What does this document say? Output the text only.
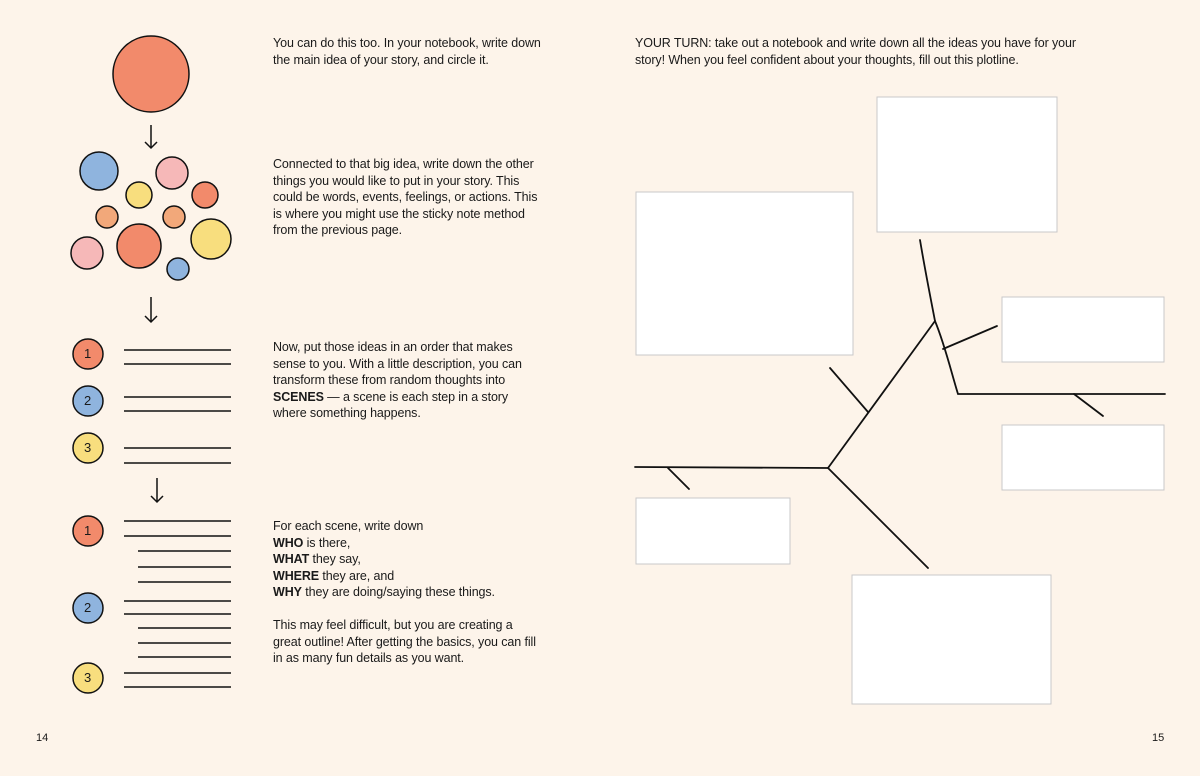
1
2
3
1
2
3
You can do this too. In your notebook, write down the main idea of your story, and circle it.
Connected to that big idea, write down the other things you would like to put in your story. This could be words, events, feelings, or actions. This is where you might use the sticky note method from the previous page.
Now, put those ideas in an order that makes sense to you. With a little description, you can transform these from random thoughts into SCENES — a scene is each step in a story where something happens.
For each scene, write down
WHO is there,
WHAT they say,
WHERE they are, and
WHY they are doing/saying these things.
This may feel difficult, but you are creating a great outline! After getting the basics, you can fill in as many fun details as you want.
14
YOUR TURN: take out a notebook and write down all the ideas you have for your story! When you feel confident about your thoughts, fill out this plotline.
15
